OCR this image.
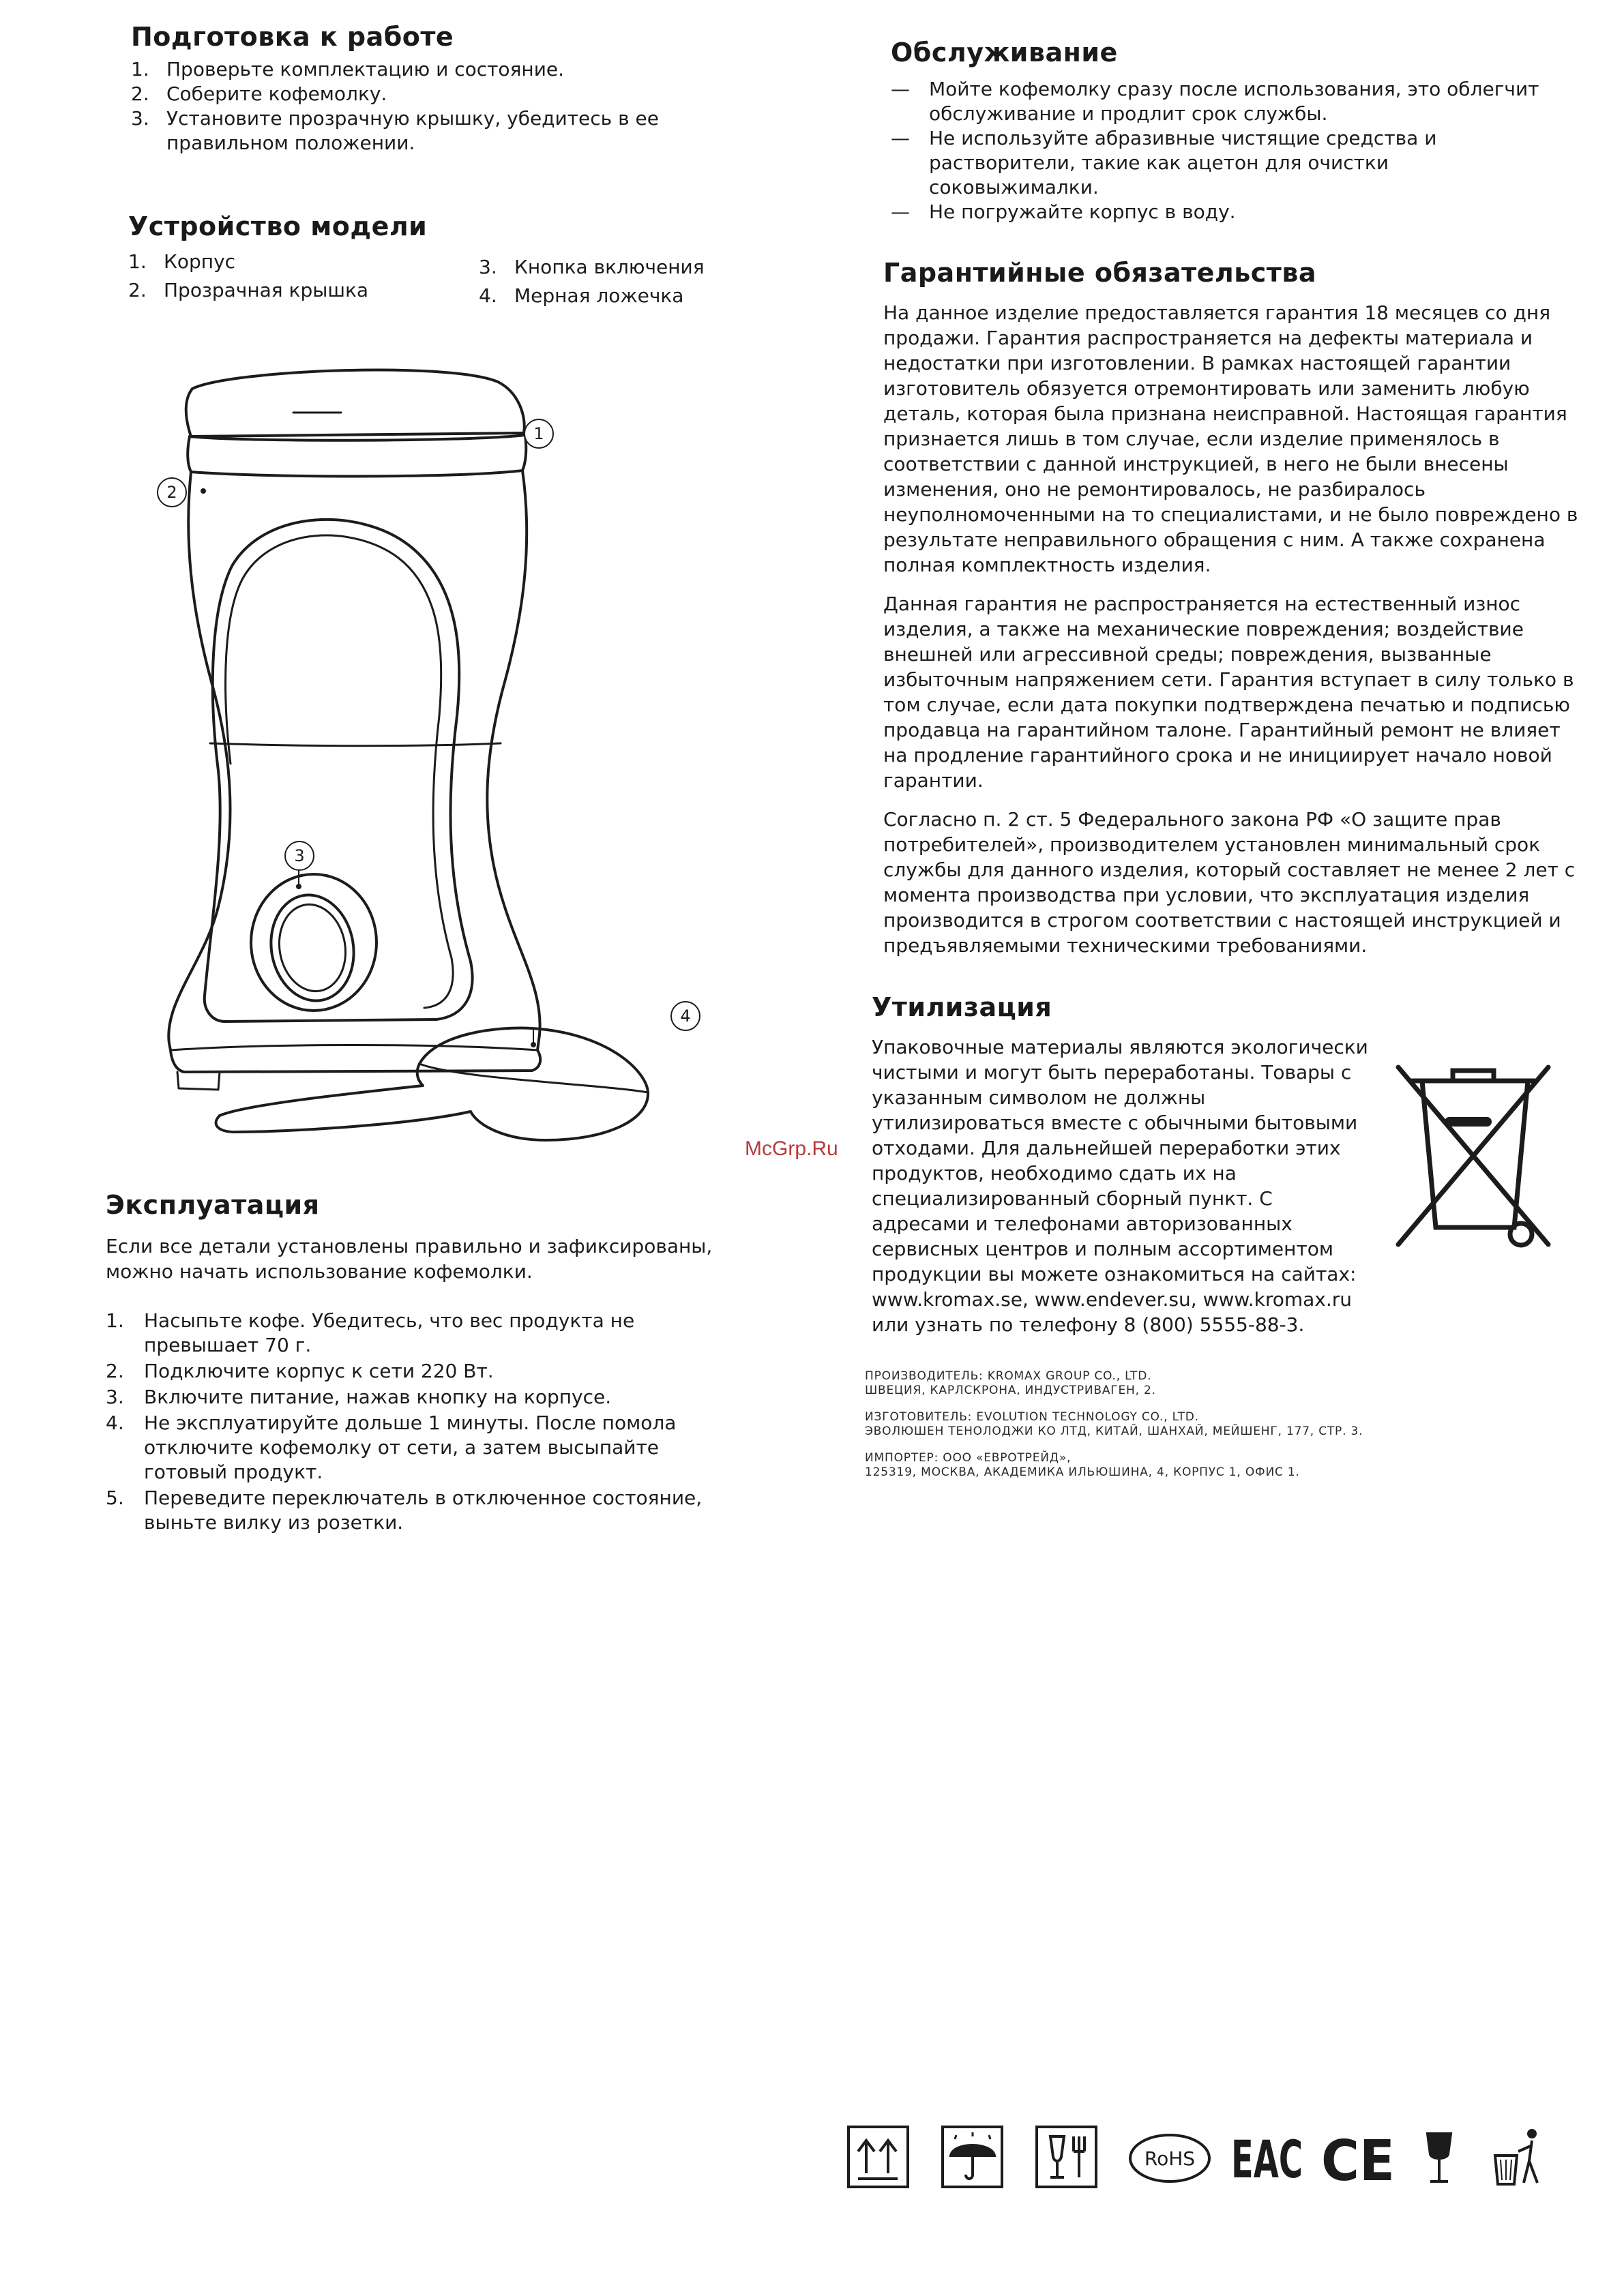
Подготовка к работе
1. Проверьте комплектацию и состояние.
2. Соберите кофемолку.
3. Установите прозрачную крышку, убедитесь в ее правильном положении.
Устройство модели
1. Корпус
2. Прозрачная крышка
3. Кнопка включения
4. Мерная ложечка
1
2
3
4
Эксплуатация

Если все детали установлены правильно и зафиксированы, можно начать использование кофемолки.

1. Насыпьте кофе. Убедитесь, что вес продукта не превышает 70 г.
2. Подключите корпус к сети 220 Вт.
3. Включите питание, нажав кнопку на корпусе.
4. Не эксплуатируйте дольше 1 минуты. После помола отключите кофемолку от сети, а затем высыпайте готовый продукт.
5. Переведите переключатель в отключенное состояние, выньте вилку из розетки.
Обслуживание
— Мойте кофемолку сразу после использования, это облегчит обслуживание и продлит срок службы.
— Не используйте абразивные чистящие средства и растворители, такие как ацетон для очистки соковыжималки.
— Не погружайте корпус в воду.
Гарантийные обязательства

На данное изделие предоставляется гарантия 18 месяцев со дня продажи. Гарантия распространяется на дефекты материала и недостатки при изготовлении. В рамках настоящей гарантии изготовитель обязуется отремонтировать или заменить любую деталь, которая была признана неисправной. Настоящая гарантия признается лишь в том случае, если изделие применялось в соответствии с данной инструкцией, в него не были внесены изменения, оно не ремонтировалось, не разбиралось неуполномоченными на то специалистами, и не было повреждено в результате неправильного обращения с ним. А также сохранена полная комплектность изделия.

Данная гарантия не распространяется на естественный износ изделия, а также на механические повреждения; воздействие внешней или агрессивной среды; повреждения, вызванные избыточным напряжением сети. Гарантия вступает в силу только в том случае, если дата покупки подтверждена печатью и подписью продавца на гарантийном талоне. Гарантийный ремонт не влияет на продление гарантийного срока и не инициирует начало новой гарантии.

Согласно п. 2 ст. 5 Федерального закона РФ «О защите прав потребителей», производителем установлен минимальный срок службы для данного изделия, который составляет не менее 2 лет с момента производства при условии, что эксплуатация изделия производится в строгом соответствии с настоящей инструкцией и предъявляемыми техническими требованиями.

Утилизация

Упаковочные материалы являются экологически чистыми и могут быть переработаны. Товары с указанным символом не должны утилизироваться вместе с обычными бытовыми отходами. Для дальнейшей переработки этих продуктов, необходимо сдать их на специализированный сборный пункт. С адресами и телефонами авторизованных сервисных центров и полным ассортиментом продукции вы можете ознакомиться на сайтах: www.kromax.se, www.endever.su, www.kromax.ru или узнать по телефону 8 (800) 5555-88-3.

McGrp.Ru
ПРОИЗВОДИТЕЛЬ: KROMAX GROUP CO., LTD.
ШВЕЦИЯ, КАРЛСКРОНА, ИНДУСТРИВАГЕН, 2.
ИЗГОТОВИТЕЛЬ: EVOLUTION TECHNOLOGY CO., LTD.
ЭВОЛЮШЕН ТЕНОЛОДЖИ КО ЛТД, КИТАЙ, ШАНХАЙ, МЕЙШЕНГ, 177, СТР. 3.
ИМПОРТЕР: ООО «ЕВРОТРЕЙД»,
125319, МОСКВА, АКАДЕМИКА ИЛЬЮШИНА, 4, КОРПУС 1, ОФИС 1.
RoHS EAC CE
